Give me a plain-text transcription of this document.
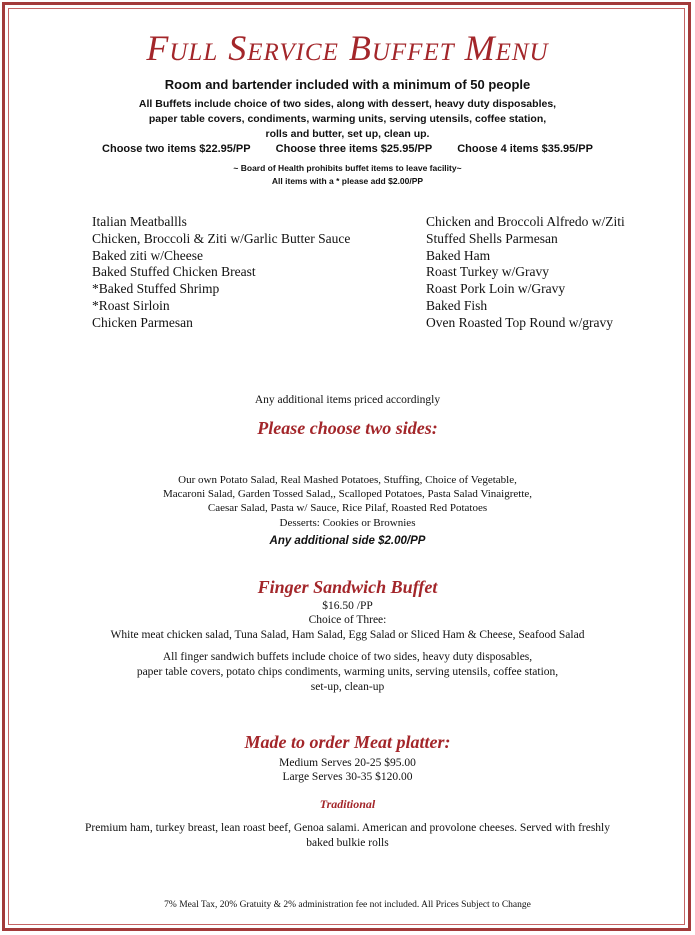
Full Service Buffet Menu
Room and bartender included with a minimum of 50 people
All Buffets include choice of two sides, along with dessert, heavy duty disposables,
paper table covers, condiments, warming units, serving utensils, coffee station,
rolls and butter, set up, clean up.
Choose two items $22.95/PP Choose three items $25.95/PP Choose 4 items $35.95/PP
~ Board of Health prohibits buffet items to leave facility~
All items with a * please add $2.00/PP
Italian Meatballls
Chicken, Broccoli & Ziti w/Garlic Butter Sauce
Baked ziti w/Cheese
Baked Stuffed Chicken Breast
*Baked Stuffed Shrimp
*Roast Sirloin
Chicken Parmesan
Chicken and Broccoli Alfredo w/Ziti
Stuffed Shells Parmesan
Baked Ham
Roast Turkey w/Gravy
Roast Pork Loin w/Gravy
Baked Fish
Oven Roasted Top Round w/gravy
Any additional items priced accordingly
Please choose two sides:
Our own Potato Salad, Real Mashed Potatoes, Stuffing, Choice of Vegetable,
Macaroni Salad, Garden Tossed Salad,, Scalloped Potatoes, Pasta Salad Vinaigrette,
Caesar Salad, Pasta w/ Sauce, Rice Pilaf, Roasted Red Potatoes
Desserts: Cookies or Brownies
Any additional side $2.00/PP
Finger Sandwich Buffet
$16.50 /PP
Choice of Three:
White meat chicken salad, Tuna Salad, Ham Salad, Egg Salad or Sliced Ham & Cheese, Seafood Salad
All finger sandwich buffets include choice of two sides, heavy duty disposables,
paper table covers, potato chips condiments, warming units, serving utensils, coffee station,
set-up, clean-up
Made to order Meat platter:
Medium Serves 20-25 $95.00
Large Serves 30-35 $120.00
Traditional
Premium ham, turkey breast, lean roast beef, Genoa salami. American and provolone cheeses. Served with freshly
baked bulkie rolls
7% Meal Tax, 20% Gratuity & 2% administration fee not included. All Prices Subject to Change
